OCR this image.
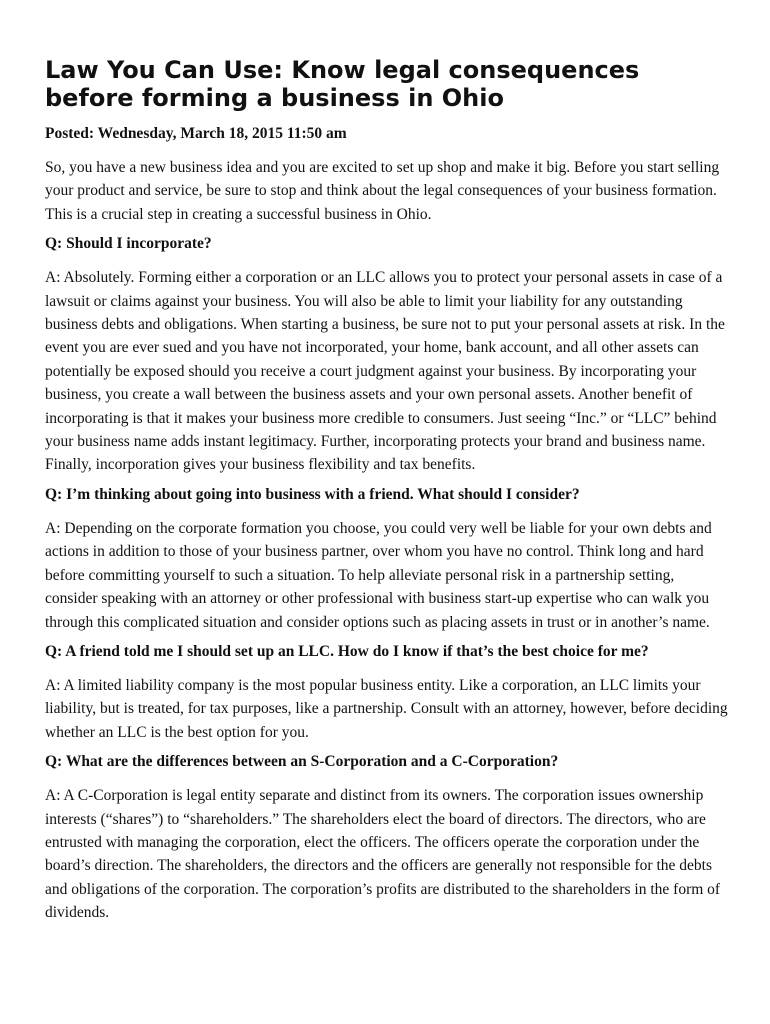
Law You Can Use: Know legal consequences before forming a business in Ohio
Posted: Wednesday, March 18, 2015 11:50 am

So, you have a new business idea and you are excited to set up shop and make it big. Before you start selling your product and service, be sure to stop and think about the legal consequences of your business formation. This is a crucial step in creating a successful business in Ohio.

Q: Should I incorporate?

A: Absolutely. Forming either a corporation or an LLC allows you to protect your personal assets in case of a lawsuit or claims against your business. You will also be able to limit your liability for any outstanding business debts and obligations. When starting a business, be sure not to put your personal assets at risk. In the event you are ever sued and you have not incorporated, your home, bank account, and all other assets can potentially be exposed should you receive a court judgment against your business. By incorporating your business, you create a wall between the business assets and your own personal assets. Another benefit of incorporating is that it makes your business more credible to consumers. Just seeing “Inc.” or “LLC” behind your business name adds instant legitimacy. Further, incorporating protects your brand and business name. Finally, incorporation gives your business flexibility and tax benefits.

Q: I’m thinking about going into business with a friend. What should I consider?

A: Depending on the corporate formation you choose, you could very well be liable for your own debts and actions in addition to those of your business partner, over whom you have no control. Think long and hard before committing yourself to such a situation. To help alleviate personal risk in a partnership setting, consider speaking with an attorney or other professional with business start-up expertise who can walk you through this complicated situation and consider options such as placing assets in trust or in another’s name.

Q: A friend told me I should set up an LLC. How do I know if that’s the best choice for me?

A: A limited liability company is the most popular business entity. Like a corporation, an LLC limits your liability, but is treated, for tax purposes, like a partnership. Consult with an attorney, however, before deciding whether an LLC is the best option for you.

Q: What are the differences between an S-Corporation and a C-Corporation?

A: A C-Corporation is legal entity separate and distinct from its owners. The corporation issues ownership interests (“shares”) to “shareholders.” The shareholders elect the board of directors. The directors, who are entrusted with managing the corporation, elect the officers. The officers operate the corporation under the board’s direction. The shareholders, the directors and the officers are generally not responsible for the debts and obligations of the corporation. The corporation’s profits are distributed to the shareholders in the form of dividends.
